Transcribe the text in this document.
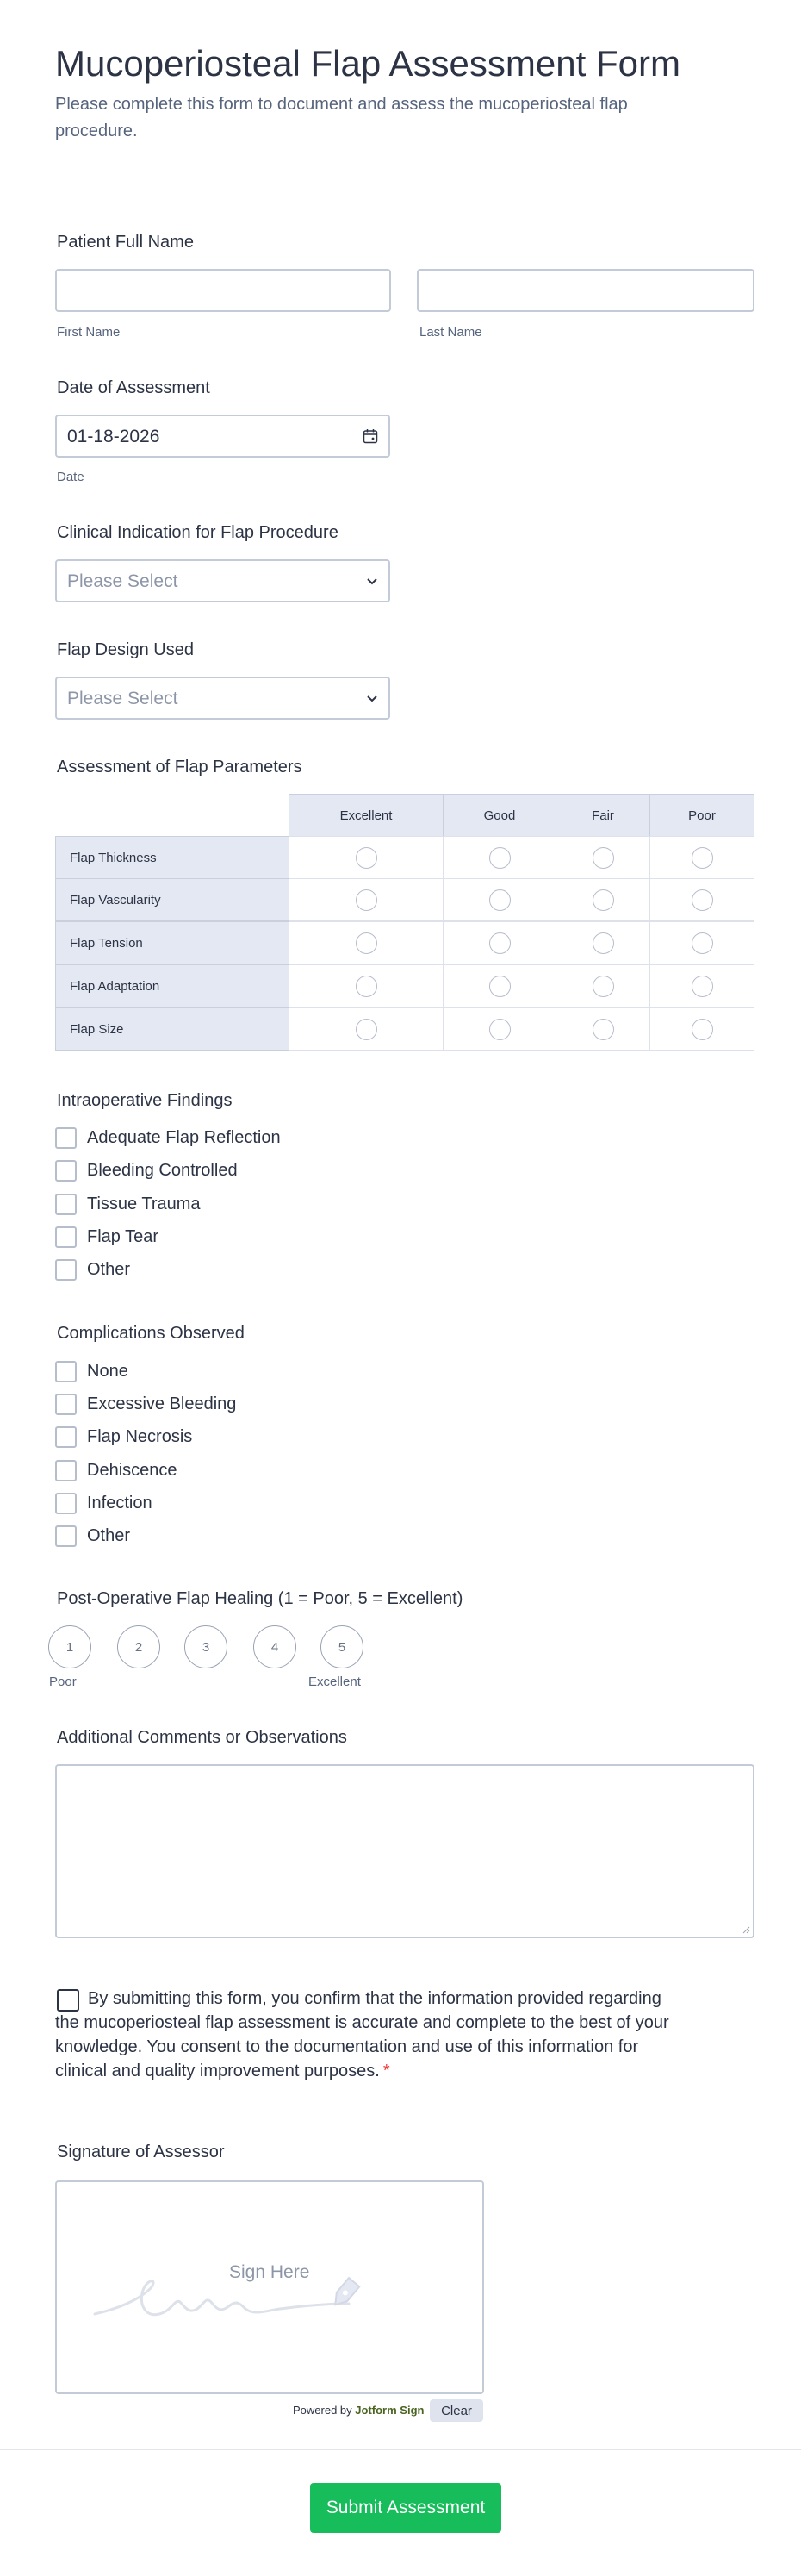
Mucoperiosteal Flap Assessment Form

Please complete this form to document and assess the mucoperiosteal flap procedure.

Patient Full Name
First Name	Last Name
Date of Assessment
01-18-2026
Date
Clinical Indication for Flap Procedure
Please Select
Flap Design Used
Please Select
Assessment of Flap Parameters
Excellent	Good	Fair	Poor
Flap Thickness
Flap Vascularity
Flap Tension
Flap Adaptation
Flap Size
Intraoperative Findings
Adequate Flap Reflection
Bleeding Controlled
Tissue Trauma
Flap Tear
Other
Complications Observed
None
Excessive Bleeding
Flap Necrosis
Dehiscence
Infection
Other
Post-Operative Flap Healing (1 = Poor, 5 = Excellent)
1	2	3	4	5
Poor	Excellent
Additional Comments or Observations

By submitting this form, you confirm that the information provided regarding the mucoperiosteal flap assessment is accurate and complete to the best of your knowledge. You consent to the documentation and use of this information for clinical and quality improvement purposes. *

Signature of Assessor
Sign Here
Powered by Jotform Sign	Clear
Submit Assessment
